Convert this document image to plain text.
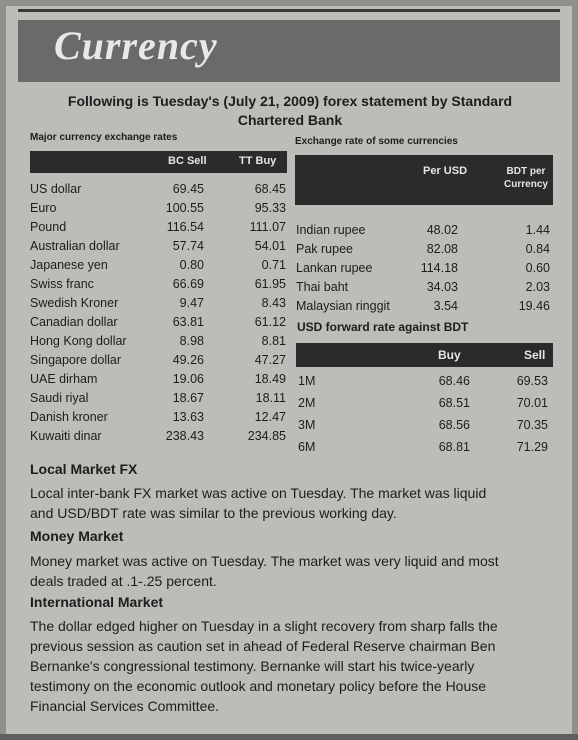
Currency
Following is Tuesday's (July 21, 2009) forex statement by Standard
Chartered Bank
Major currency exchange rates
BC Sell	TT Buy
US dollar	69.45	68.45
Euro	100.55	95.33
Pound	116.54	111.07
Australian dollar	57.74	54.01
Japanese yen	0.80	0.71
Swiss franc	66.69	61.95
Swedish Kroner	9.47	8.43
Canadian dollar	63.81	61.12
Hong Kong dollar	8.98	8.81
Singapore dollar	49.26	47.27
UAE dirham	19.06	18.49
Saudi riyal	18.67	18.11
Danish kroner	13.63	12.47
Kuwaiti dinar	238.43	234.85
Exchange rate of some currencies
Per USD	BDT per
Currency
Indian rupee	48.02	1.44
Pak rupee	82.08	0.84
Lankan rupee	114.18	0.60
Thai baht	34.03	2.03
Malaysian ringgit	3.54	19.46
USD forward rate against BDT
Buy	Sell
1M	68.46	69.53
2M	68.51	70.01
3M	68.56	70.35
6M	68.81	71.29
Local Market FX
Local inter-bank FX market was active on Tuesday. The market was liquid
and USD/BDT rate was similar to the previous working day.
Money Market
Money market was active on Tuesday. The market was very liquid and most
deals traded at .1-.25 percent.
International Market
The dollar edged higher on Tuesday in a slight recovery from sharp falls the
previous session as caution set in ahead of Federal Reserve chairman Ben
Bernanke's congressional testimony. Bernanke will start his twice-yearly
testimony on the economic outlook and monetary policy before the House
Financial Services Committee.
